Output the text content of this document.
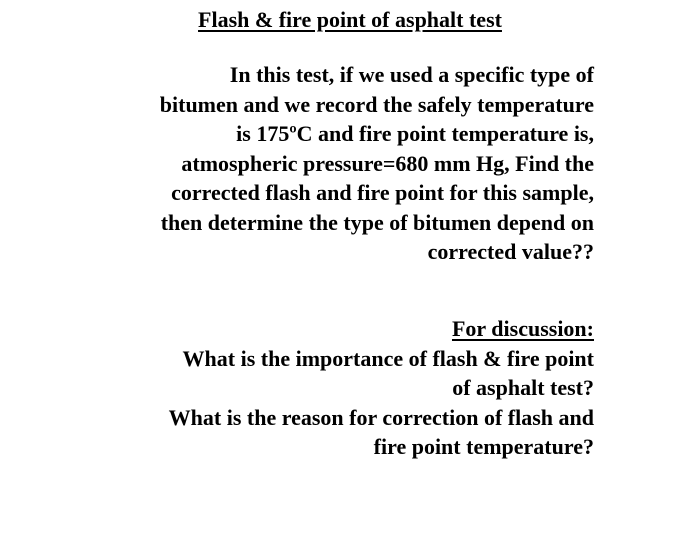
Flash & fire point of asphalt test
In this test, if we used a specific type of
bitumen and we record the safely temperature
is 175ºC and fire point temperature is,
atmospheric pressure=680 mm Hg, Find the
corrected flash and fire point for this sample,
then determine the type of bitumen depend on
corrected value??
For discussion:
What is the importance of flash & fire point
of asphalt test?
What is the reason for correction of flash and
fire point temperature?
